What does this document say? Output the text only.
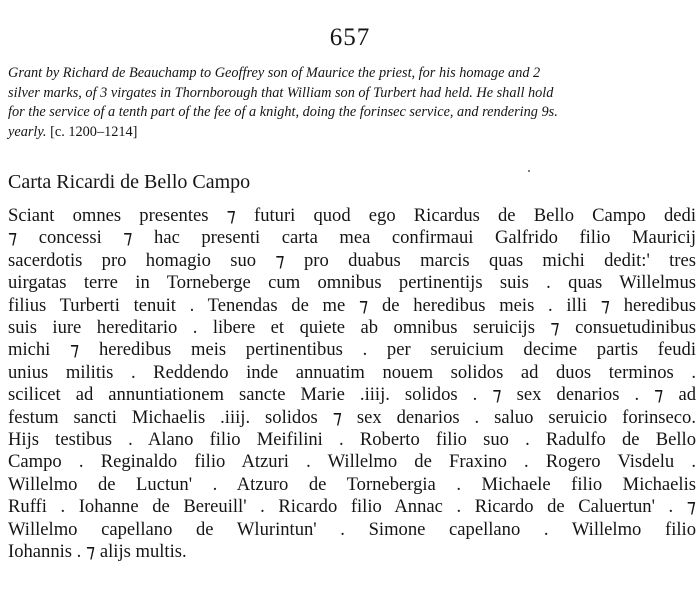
657
Grant by Richard de Beauchamp to Geoffrey son of Maurice the priest, for his homage and 2
silver marks, of 3 virgates in Thornborough that William son of Turbert had held. He shall hold
for the service of a tenth part of the fee of a knight, doing the forinsec service, and rendering 9s.
yearly. [c. 1200–1214]
Carta Ricardi de Bello Campo
Sciant omnes presentes ⁊ futuri quod ego Ricardus de Bello Campo dedi
⁊ concessi ⁊ hac presenti carta mea confirmaui Galfrido filio Mauricij
sacerdotis pro homagio suo ⁊ pro duabus marcis quas michi dedit:' tres
uirgatas terre in Torneberge cum omnibus pertinentijs suis . quas Willelmus
filius Turberti tenuit . Tenendas de me ⁊ de heredibus meis . illi ⁊ heredibus
suis iure hereditario . libere et quiete ab omnibus seruicijs ⁊ consuetudinibus
michi ⁊ heredibus meis pertinentibus . per seruicium decime partis feudi
unius militis . Reddendo inde annuatim nouem solidos ad duos terminos .
scilicet ad annuntiationem sancte Marie .iiij. solidos . ⁊ sex denarios . ⁊ ad
festum sancti Michaelis .iiij. solidos ⁊ sex denarios . saluo seruicio forinseco.
Hijs testibus . Alano filio Meifilini . Roberto filio suo . Radulfo de Bello
Campo . Reginaldo filio Atzuri . Willelmo de Fraxino . Rogero Visdelu .
Willelmo de Luctun' . Atzuro de Tornebergia . Michaele filio Michaelis
Ruffi . Iohanne de Bereuill' . Ricardo filio Annac . Ricardo de Caluertun' . ⁊
Willelmo capellano de Wlurintun' . Simone capellano . Willelmo filio
Iohannis . ⁊ alijs multis.
